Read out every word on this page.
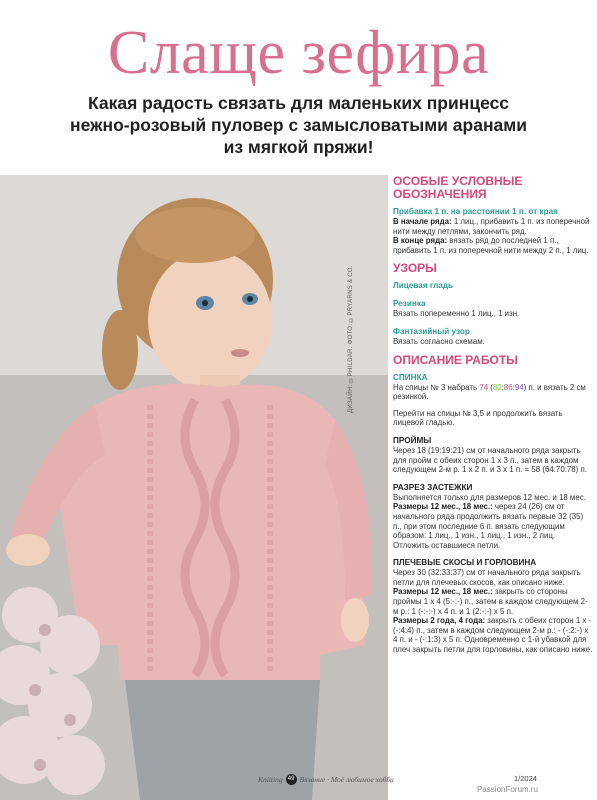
Слаще зефира
Какая радость связать для маленьких принцесс
нежно-розовый пуловер с замысловатыми аранами
из мягкой пряжи!
ДИЗАЙН: ©PHILDAR. ФОТО: ©PRYARNS & CO.
ОСОБЫЕ УСЛОВНЫЕ
ОБОЗНАЧЕНИЯ
Прибавка 1 п. на расстоянии 1 п. от края
В начале ряда: 1 лиц., прибавить 1 п. из поперечной нити между петлями, закончить ряд.
В конце ряда: вязать ряд до последней 1 п., прибавить 1 п. из поперечной нити между 2 п., 1 лиц.
УЗОРЫ
Лицевая гладь
Резинка
Вязать попеременно 1 лиц., 1 изн.
Фантазийный узор
Вязать согласно схемам.
ОПИСАНИЕ РАБОТЫ
СПИНКА
На спицы № 3 набрать 74 (80:86:94) п. и вязать 2 см резинкой.
Перейти на спицы № 3,5 и продолжить вязать лицевой гладью.
ПРОЙМЫ
Через 18 (19:19:21) см от начального ряда закрыть для пройм с обеих сторон 1 х 3 п., затем в каждом следующем 2-м р. 1 х 2 п. и 3 х 1 п. = 58 (64:70:78) п.
РАЗРЕЗ ЗАСТЕЖКИ
Выполняется только для размеров 12 мес. и 18 мес.
Размеры 12 мес., 18 мес.: через 24 (26) см от начального ряда продолжить вязать первые 32 (35) п., при этом последние 6 п. вязать следующим образом: 1 лиц., 1 изн., 1 лиц., 1 изн., 2 лиц. Отложить оставшиеся петли.
ПЛЕЧЕВЫЕ СКОСЫ И ГОРЛОВИНА
Через 30 (32:33:37) см от начального ряда закрыть петли для плечевых скосов, как описано ниже.
Размеры 12 мес., 18 мес.: закрыть со стороны проймы 1 х 4 (5:-:-) п., затем в каждом следующем 2-м р.: 1 (-:-:-) х 4 п. и 1 (2:-:-) х 5 п.
Размеры 2 года, 4 года: закрыть с обеих сторон 1 х - (-:4:4) п., затем в каждом следующем 2-м р.: - (-:2:-) х 4 п. и - (-:1:3) х 5 п. Одновременно с 1-й убавкой для плеч закрыть петли для горловины, как описано ниже.
Knitting 49 Вязание · Моё любимое хобби	1/2024
PassionForum.ru
